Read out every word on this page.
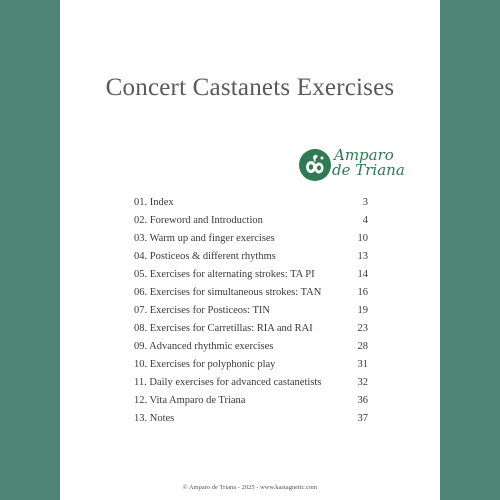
Concert Castanets Exercises
Amparo
de Triana
01. Index	3
02. Foreword and Introduction	4
03. Warm up and finger exercises	10
04. Posticeos & different rhythms	13
05. Exercises for alternating strokes: TA PI	14
06. Exercises for simultaneous strokes: TAN	16
07. Exercises for Posticeos: TIN	19
08. Exercises for Carretillas: RIA and RAI	23
09. Advanced rhythmic exercises	28
10. Exercises for polyphonic play	31
11. Daily exercises for advanced castanetists	32
12. Vita Amparo de Triana	36
13. Notes	37
© Amparo de Triana - 2025 - www.kastagnettc.com
